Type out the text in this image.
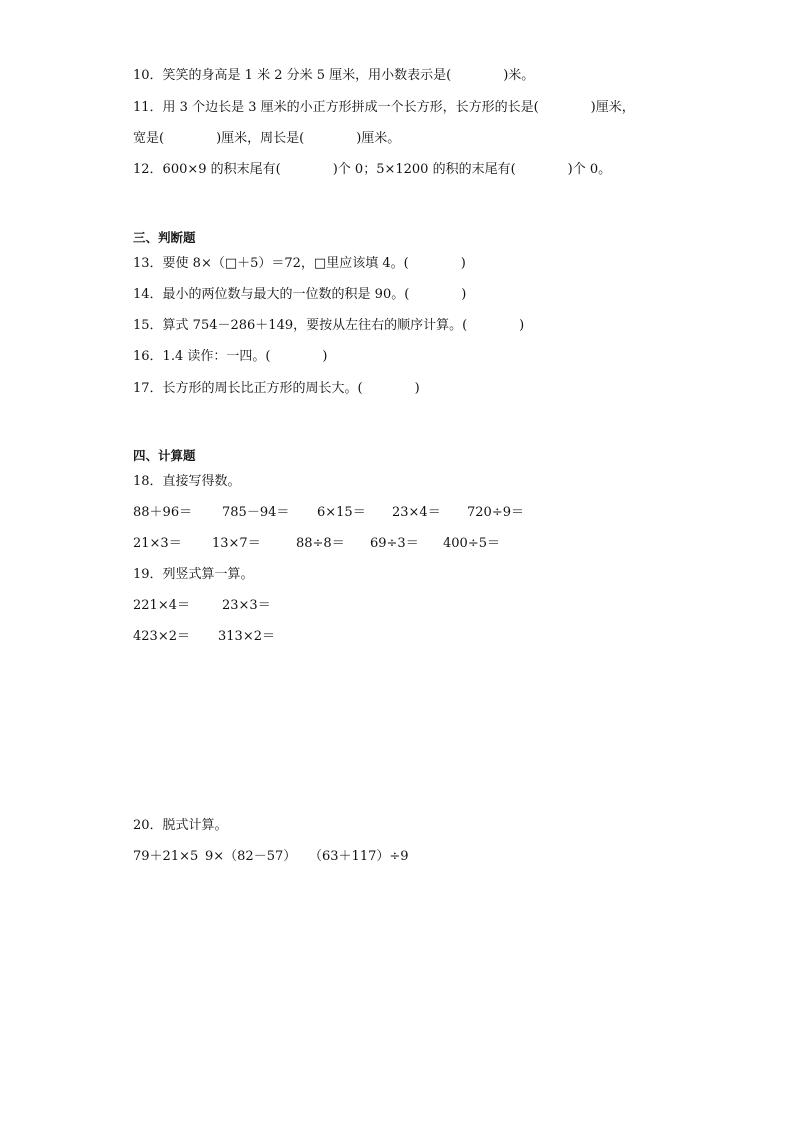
10．笑笑的身高是 1 米 2 分米 5 厘米，用小数表示是(　　　　)米。
11．用 3 个边长是 3 厘米的小正方形拼成一个长方形，长方形的长是(　　　　)厘米，
宽是(　　　　)厘米，周长是(　　　　)厘米。
12．600×9 的积末尾有(　　　　)个 0；5×1200 的积的末尾有(　　　　)个 0。
三、判断题
13．要使 8×（□＋5）＝72，□里应该填 4。(　　　　)
14．最小的两位数与最大的一位数的积是 90。(　　　　)
15．算式 754－286＋149，要按从左往右的顺序计算。(　　　　)
16．1.4 读作：一四。(　　　　)
17．长方形的周长比正方形的周长大。(　　　　)
四、计算题
18．直接写得数。
88＋96＝ 785－94＝ 6×15＝ 23×4＝ 720÷9＝
21×3＝ 13×7＝	88÷8＝ 69÷3＝ 400÷5＝
19．列竖式算一算。
221×4＝ 23×3＝
423×2＝ 313×2＝
20．脱式计算。
79＋21×5 9×（82－57） （63＋117）÷9
